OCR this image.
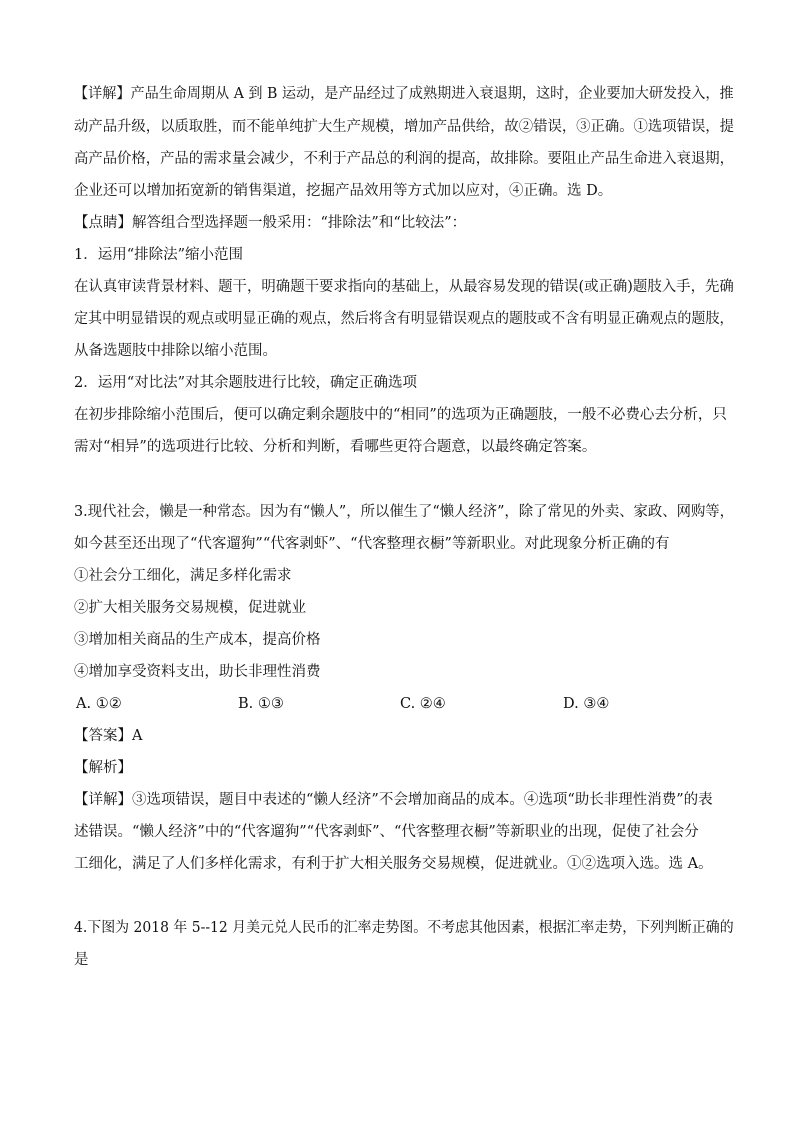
【详解】产品生命周期从 A 到 B 运动，是产品经过了成熟期进入衰退期，这时，企业要加大研发投入，推
动产品升级，以质取胜，而不能单纯扩大生产规模，增加产品供给，故②错误，③正确。①选项错误，提
高产品价格，产品的需求量会减少，不利于产品总的利润的提高，故排除。要阻止产品生命进入衰退期，
企业还可以增加拓宽新的销售渠道，挖掘产品效用等方式加以应对，④正确。选 D。
【点睛】解答组合型选择题一般采用：“排除法”和“比较法”：
1．运用“排除法”缩小范围
在认真审读背景材料、题干，明确题干要求指向的基础上，从最容易发现的错误(或正确)题肢入手，先确
定其中明显错误的观点或明显正确的观点，然后将含有明显错误观点的题肢或不含有明显正确观点的题肢，
从备选题肢中排除以缩小范围。
2．运用“对比法”对其余题肢进行比较，确定正确选项
在初步排除缩小范围后，便可以确定剩余题肢中的“相同”的选项为正确题肢，一般不必费心去分析，只
需对“相异”的选项进行比较、分析和判断，看哪些更符合题意，以最终确定答案。
3.现代社会，懒是一种常态。因为有“懒人”，所以催生了“懒人经济”，除了常见的外卖、家政、网购等，
如今甚至还出现了“代客遛狗”“代客剥虾”、“代客整理衣橱”等新职业。对此现象分析正确的有
①社会分工细化，满足多样化需求
②扩大相关服务交易规模，促进就业
③增加相关商品的生产成本，提高价格
④增加享受资料支出，助长非理性消费
A. ①②	B. ①③	C. ②④	D. ③④
【答案】A
【解析】
【详解】③选项错误，题目中表述的“懒人经济”不会增加商品的成本。④选项“助长非理性消费”的表
述错误。“懒人经济”中的“代客遛狗”“代客剥虾”、“代客整理衣橱”等新职业的出现，促使了社会分
工细化，满足了人们多样化需求，有利于扩大相关服务交易规模，促进就业。①②选项入选。选 A。
4.下图为 2018 年 5--12 月美元兑人民币的汇率走势图。不考虑其他因素，根据汇率走势，下列判断正确的
是
